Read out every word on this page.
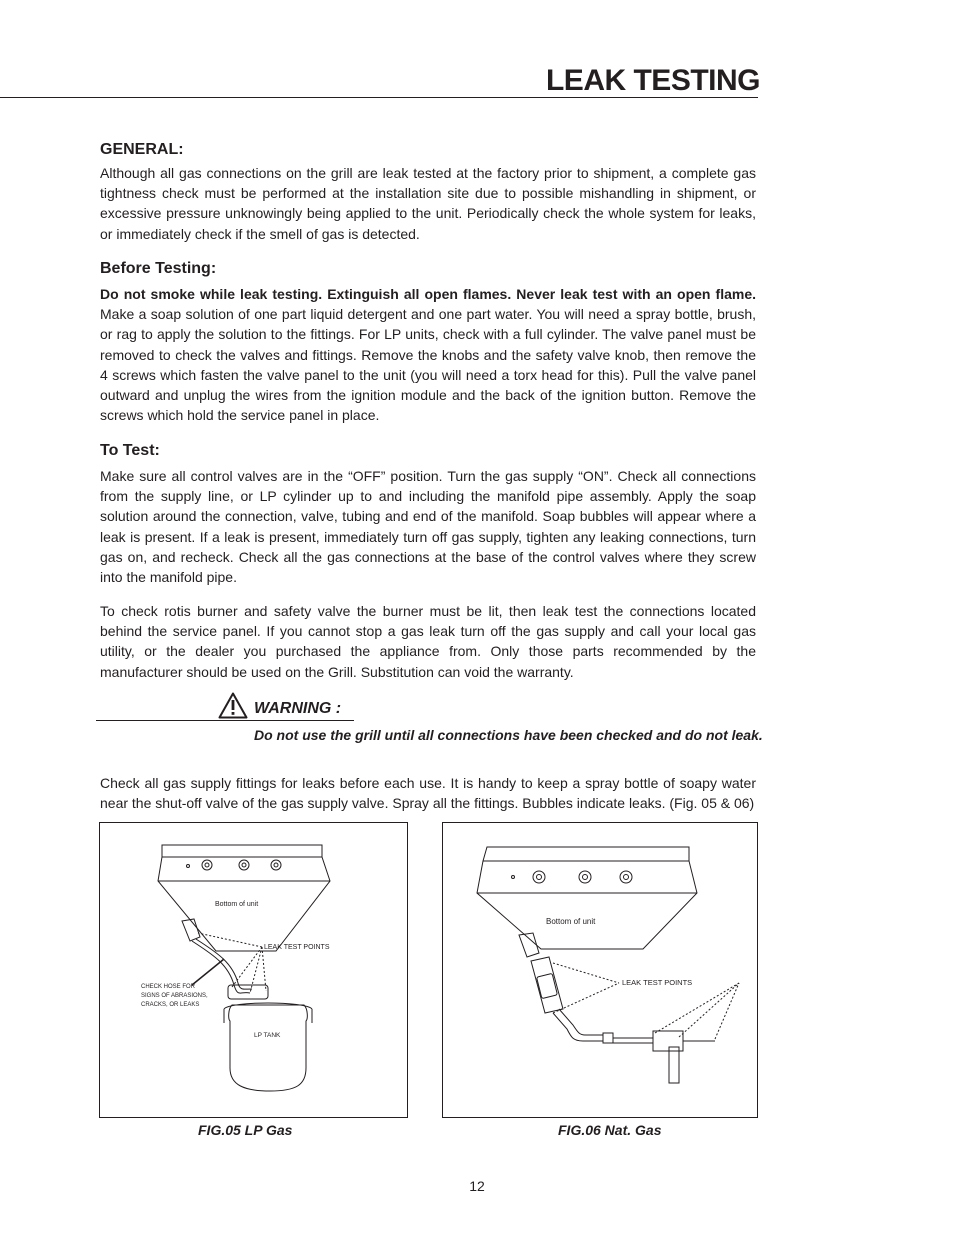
LEAK TESTING
GENERAL:

Although all gas connections on the grill are leak tested at the factory prior to shipment, a complete gas tightness check must be performed at the installation site due to possible mishandling in shipment, or excessive pressure unknowingly being applied to the unit. Periodically check the whole system for leaks, or immediately check if the smell of gas is detected.

Before Testing:

Do not smoke while leak testing. Extinguish all open flames. Never leak test with an open flame. Make a soap solution of one part liquid detergent and one part water. You will need a spray bottle, brush, or rag to apply the solution to the fittings. For LP units, check with a full cylinder. The valve panel must be removed to check the valves and fittings. Remove the knobs and the safety valve knob, then remove the 4 screws which fasten the valve panel to the unit (you will need a torx head for this). Pull the valve panel outward and unplug the wires from the ignition module and the back of the ignition button. Remove the screws which hold the service panel in place.

To Test:

Make sure all control valves are in the “OFF” position. Turn the gas supply “ON”. Check all connections from the supply line, or LP cylinder up to and including the manifold pipe assembly. Apply the soap solution around the connection, valve, tubing and end of the manifold. Soap bubbles will appear where a leak is present. If a leak is present, immediately turn off gas supply, tighten any leaking connections, turn gas on, and recheck. Check all the gas connections at the base of the control valves where they screw into the manifold pipe.

To check rotis burner and safety valve the burner must be lit, then leak test the connections located behind the service panel. If you cannot stop a gas leak turn off the gas supply and call your local gas utility, or the dealer you purchased the appliance from. Only those parts recommended by the manufacturer should be used on the Grill. Substitution can void the warranty.

WARNING :

Do not use the grill until all connections have been checked and do not leak.

Check all gas supply fittings for leaks before each use. It is handy to keep a spray bottle of soapy water near the shut-off valve of the gas supply valve. Spray all the fittings. Bubbles indicate leaks. (Fig. 05 & 06)

Bottom of unit
LEAK TEST POINTS
CHECK HOSE FOR
SIGNS OF ABRASIONS,
CRACKS, OR LEAKS
LP TANK

FIG.05 LP Gas

Bottom of unit
LEAK TEST POINTS

FIG.06 Nat. Gas

12
